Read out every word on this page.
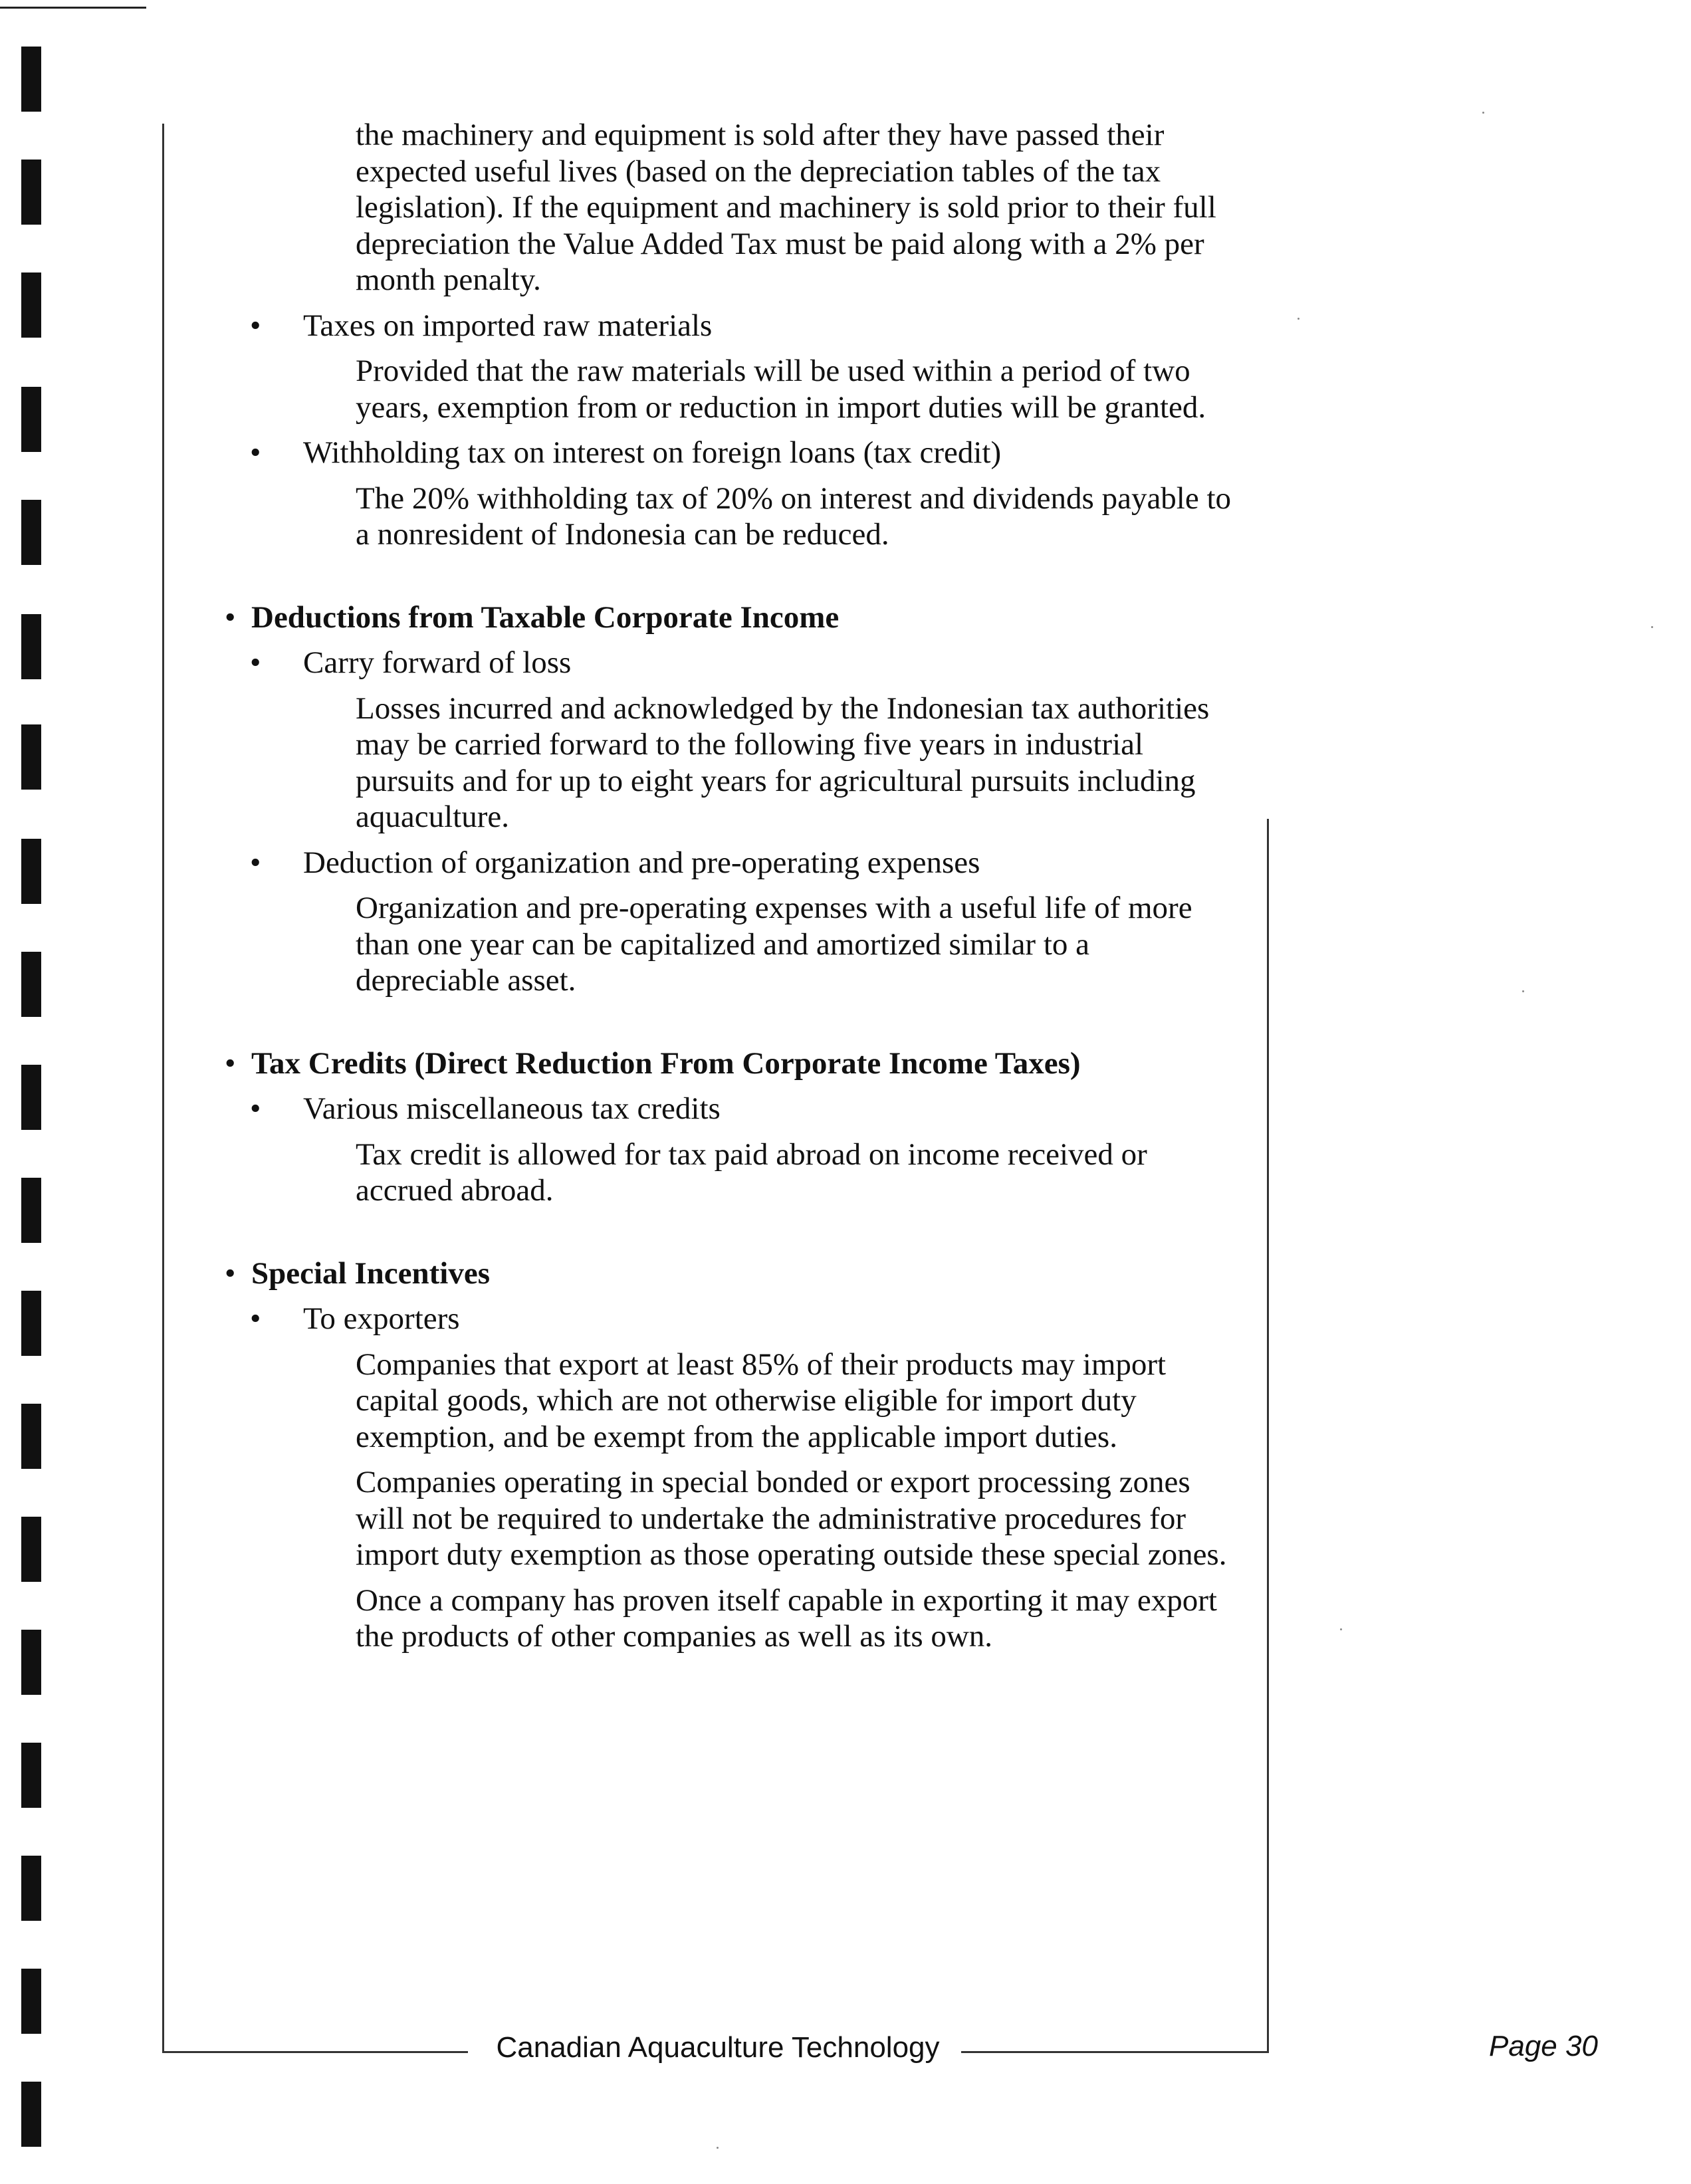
the machinery and equipment is sold after they have passed their expected useful lives (based on the depreciation tables of the tax legislation). If the equipment and machinery is sold prior to their full depreciation the Value Added Tax must be paid along with a 2% per month penalty.

• Taxes on imported raw materials

Provided that the raw materials will be used within a period of two years, exemption from or reduction in import duties will be granted.

• Withholding tax on interest on foreign loans (tax credit)

The 20% withholding tax of 20% on interest and dividends payable to a nonresident of Indonesia can be reduced.

• Deductions from Taxable Corporate Income
• Carry forward of loss

Losses incurred and acknowledged by the Indonesian tax authorities may be carried forward to the following five years in industrial pursuits and for up to eight years for agricultural pursuits including aquaculture.

• Deduction of organization and pre-operating expenses

Organization and pre-operating expenses with a useful life of more than one year can be capitalized and amortized similar to a depreciable asset.

• Tax Credits (Direct Reduction From Corporate Income Taxes)
• Various miscellaneous tax credits

Tax credit is allowed for tax paid abroad on income received or accrued abroad.

• Special Incentives
• To exporters

Companies that export at least 85% of their products may import capital goods, which are not otherwise eligible for import duty exemption, and be exempt from the applicable import duties.

Companies operating in special bonded or export processing zones will not be required to undertake the administrative procedures for import duty exemption as those operating outside these special zones.

Once a company has proven itself capable in exporting it may export the products of other companies as well as its own.

Canadian Aquaculture Technology	Page 30
